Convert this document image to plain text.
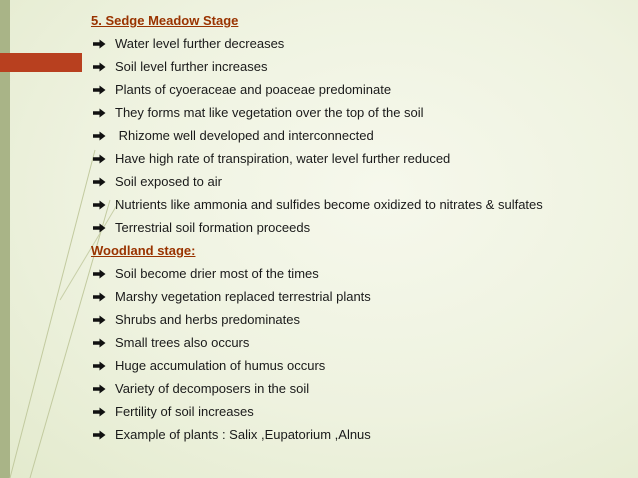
5. Sedge Meadow Stage
Water level further decreases
Soil level further increases
Plants of cyoeraceae and poaceae predominate
They forms mat like vegetation over the top of the soil
Rhizome well developed and interconnected
Have high rate of transpiration, water level further reduced
Soil exposed to air
Nutrients like ammonia and sulfides become oxidized to nitrates & sulfates
Terrestrial soil formation proceeds
Woodland stage:
Soil become drier most of the times
Marshy vegetation replaced terrestrial plants
Shrubs and herbs predominates
Small trees also occurs
Huge accumulation of humus occurs
Variety of decomposers in the soil
Fertility of soil increases
Example of plants : Salix ,Eupatorium ,Alnus
